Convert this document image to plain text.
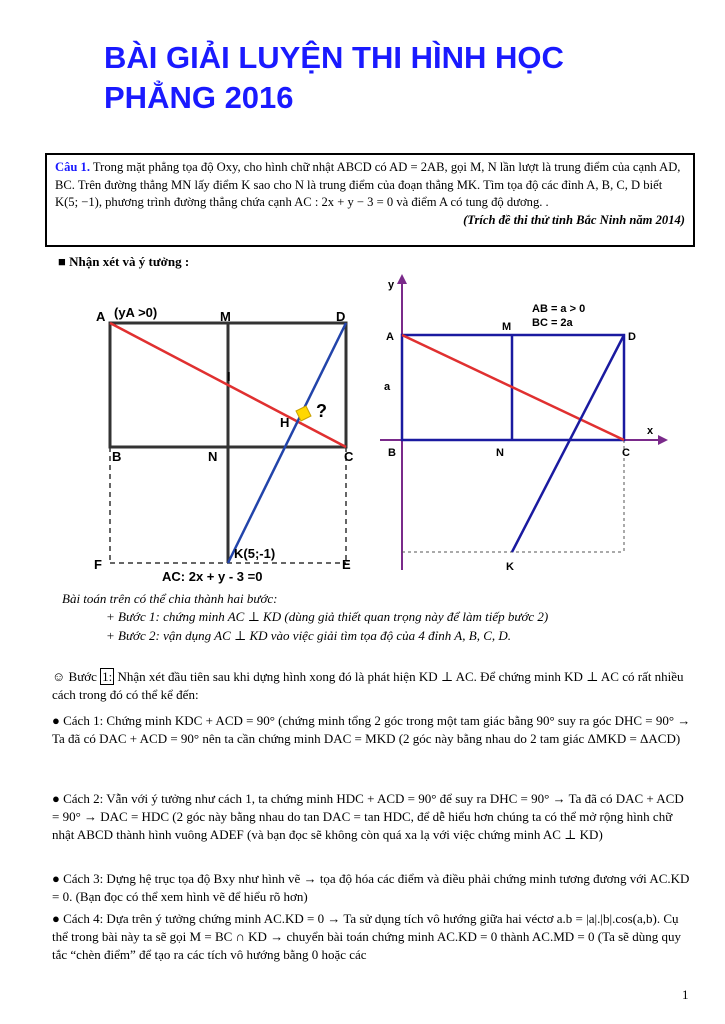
BÀI GIẢI LUYỆN THI HÌNH HỌC PHẲNG 2016
Câu 1. Trong mặt phẳng tọa độ Oxy, cho hình chữ nhật ABCD có AD = 2AB, gọi M, N lần lượt là trung điểm của cạnh AD, BC. Trên đường thẳng MN lấy điểm K sao cho N là trung điểm của đoạn thẳng MK. Tìm tọa độ các đỉnh A, B, C, D biết K(5; −1), phương trình đường thẳng chứa cạnh AC : 2x + y − 3 = 0 và điểm A có tung độ dương. .
(Trích đề thi thử tỉnh Bắc Ninh năm 2014)
■ Nhận xét và ý tưởng :
A (yA >0)	M	D
I
H
?
B	N	C
F
K(5;-1)
E
AC: 2x + y - 3 =0
y
x
AB = a > 0
BC = 2a
A
M
D
a
B	N	C
K
Bài toán trên có thể chia thành hai bước:
+ Bước 1: chứng minh AC ⊥ KD (dùng giả thiết quan trọng này để làm tiếp bước 2)
+ Bước 2: vận dụng AC ⊥ KD vào việc giải tìm tọa độ của 4 đỉnh A, B, C, D.
☺ Bước 1: Nhận xét đầu tiên sau khi dựng hình xong đó là phát hiện KD ⊥ AC. Để chứng minh KD ⊥ AC có rất nhiều cách trong đó có thể kể đến:
● Cách 1: Chứng minh KDC + ACD = 90° (chứng minh tổng 2 góc trong một tam giác bằng 90° suy ra góc DHC = 90° → Ta đã có DAC + ACD = 90° nên ta cần chứng minh DAC = MKD (2 góc này bằng nhau do 2 tam giác ΔMKD = ΔACD)
● Cách 2: Vẫn với ý tưởng như cách 1, ta chứng minh HDC + ACD = 90° để suy ra DHC = 90° → Ta đã có DAC + ACD = 90° → DAC = HDC (2 góc này bằng nhau do tan DAC = tan HDC, để dễ hiểu hơn chúng ta có thể mở rộng hình chữ nhật ABCD thành hình vuông ADEF (và bạn đọc sẽ không còn quá xa lạ với việc chứng minh AC ⊥ KD)
● Cách 3: Dựng hệ trục tọa độ Bxy như hình vẽ → tọa độ hóa các điểm và điều phải chứng minh tương đương với AC.KD = 0. (Bạn đọc có thể xem hình vẽ để hiểu rõ hơn)
● Cách 4: Dựa trên ý tưởng chứng minh AC.KD = 0 → Ta sử dụng tích vô hướng giữa hai véctơ a.b = |a|.|b|.cos(a,b). Cụ thể trong bài này ta sẽ gọi M = BC ∩ KD → chuyển bài toán chứng minh AC.KD = 0 thành AC.MD = 0 (Ta sẽ dùng quy tắc “chèn điểm” để tạo ra các tích vô hướng bằng 0 hoặc các
1
